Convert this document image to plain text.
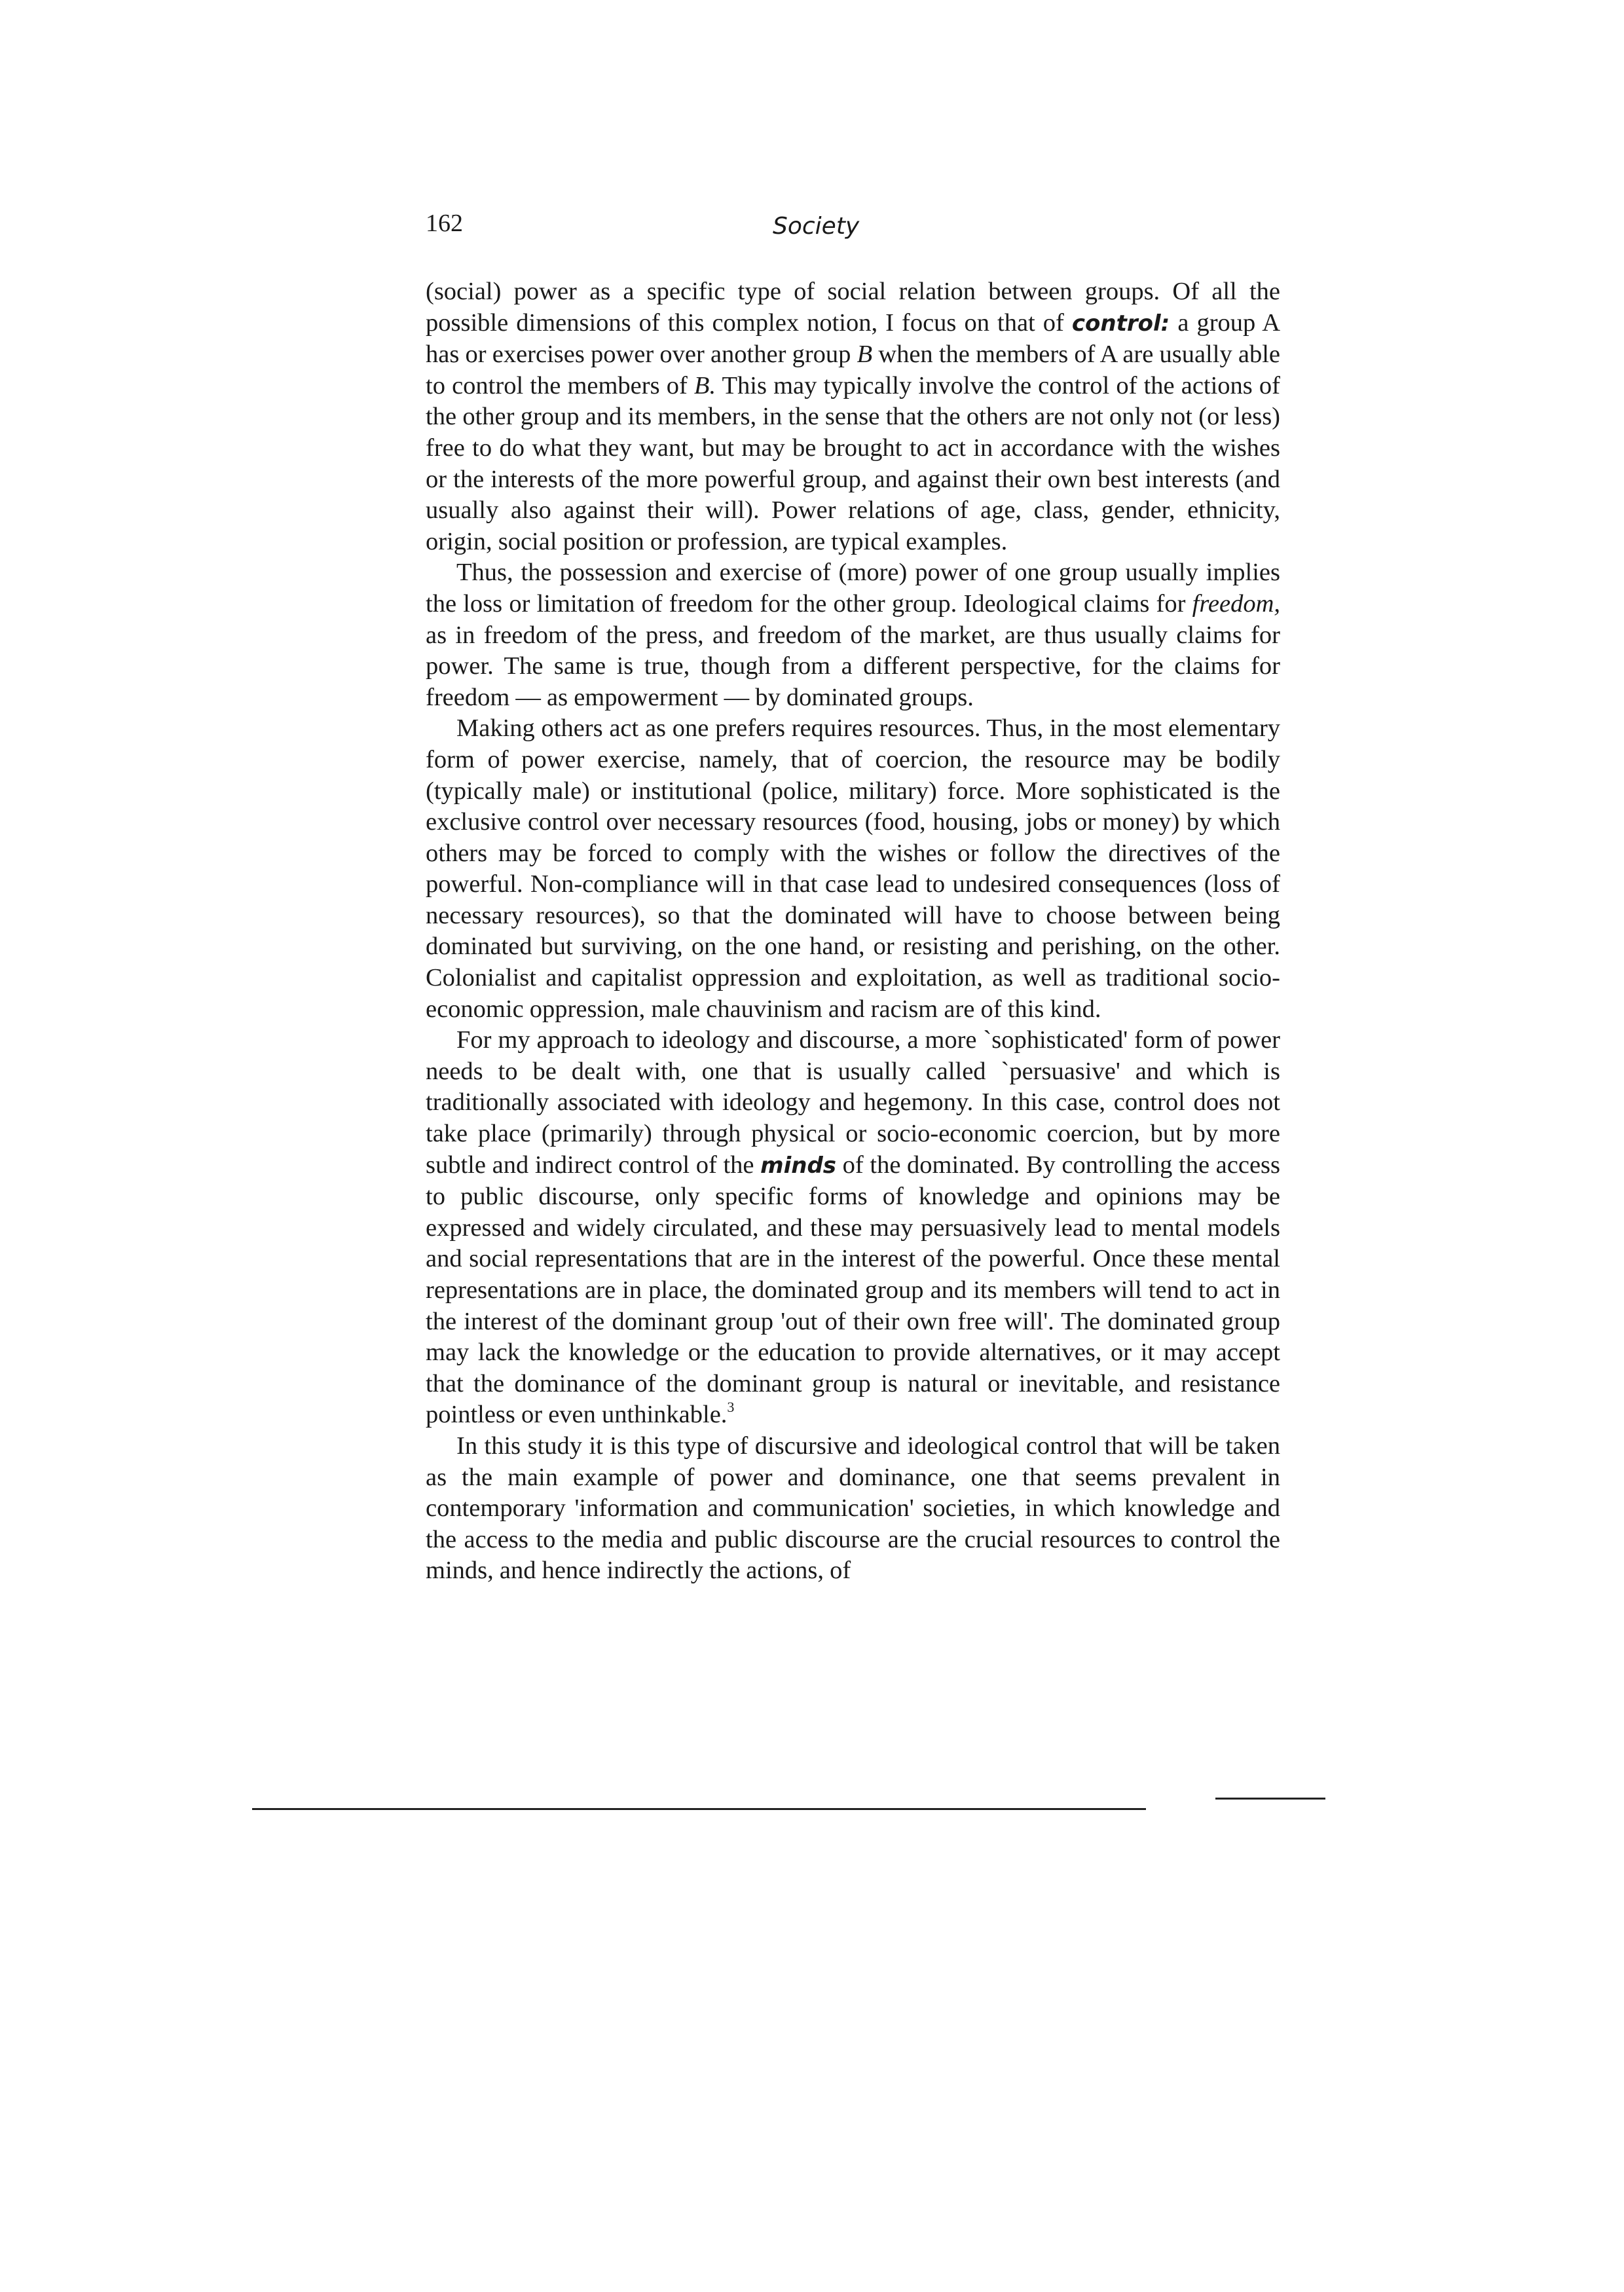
162	Society

(social) power as a specific type of social relation between groups. Of all the possible dimensions of this complex notion, I focus on that of control: a group A has or exercises power over another group B when the members of A are usually able to control the members of B. This may typically involve the control of the actions of the other group and its members, in the sense that the others are not only not (or less) free to do what they want, but may be brought to act in accordance with the wishes or the interests of the more powerful group, and against their own best interests (and usually also against their will). Power relations of age, class, gender, ethnicity, origin, social position or profession, are typical examples.

Thus, the possession and exercise of (more) power of one group usually implies the loss or limitation of freedom for the other group. Ideological claims for freedom, as in freedom of the press, and freedom of the market, are thus usually claims for power. The same is true, though from a different perspective, for the claims for freedom — as empowerment — by dominated groups.

Making others act as one prefers requires resources. Thus, in the most elementary form of power exercise, namely, that of coercion, the resource may be bodily (typically male) or institutional (police, military) force. More sophisticated is the exclusive control over necessary resources (food, housing, jobs or money) by which others may be forced to comply with the wishes or follow the directives of the powerful. Non-compliance will in that case lead to undesired consequences (loss of necessary resources), so that the dominated will have to choose between being dominated but surviving, on the one hand, or resisting and perishing, on the other. Colonialist and capitalist oppression and exploitation, as well as traditional socio-economic oppression, male chauvinism and racism are of this kind.

For my approach to ideology and discourse, a more `sophisticated' form of power needs to be dealt with, one that is usually called `persuasive' and which is traditionally associated with ideology and hegemony. In this case, control does not take place (primarily) through physical or socio-economic coercion, but by more subtle and indirect control of the minds of the dominated. By controlling the access to public discourse, only specific forms of knowledge and opinions may be expressed and widely circulated, and these may persuasively lead to mental models and social representations that are in the interest of the powerful. Once these mental representations are in place, the dominated group and its members will tend to act in the interest of the dominant group 'out of their own free will'. The dominated group may lack the knowledge or the education to provide alternatives, or it may accept that the dominance of the dominant group is natural or inevitable, and resistance pointless or even unthinkable.$^3$

In this study it is this type of discursive and ideological control that will be taken as the main example of power and dominance, one that seems prevalent in contemporary 'information and communication' societies, in which knowledge and the access to the media and public discourse are the crucial resources to control the minds, and hence indirectly the actions, of
